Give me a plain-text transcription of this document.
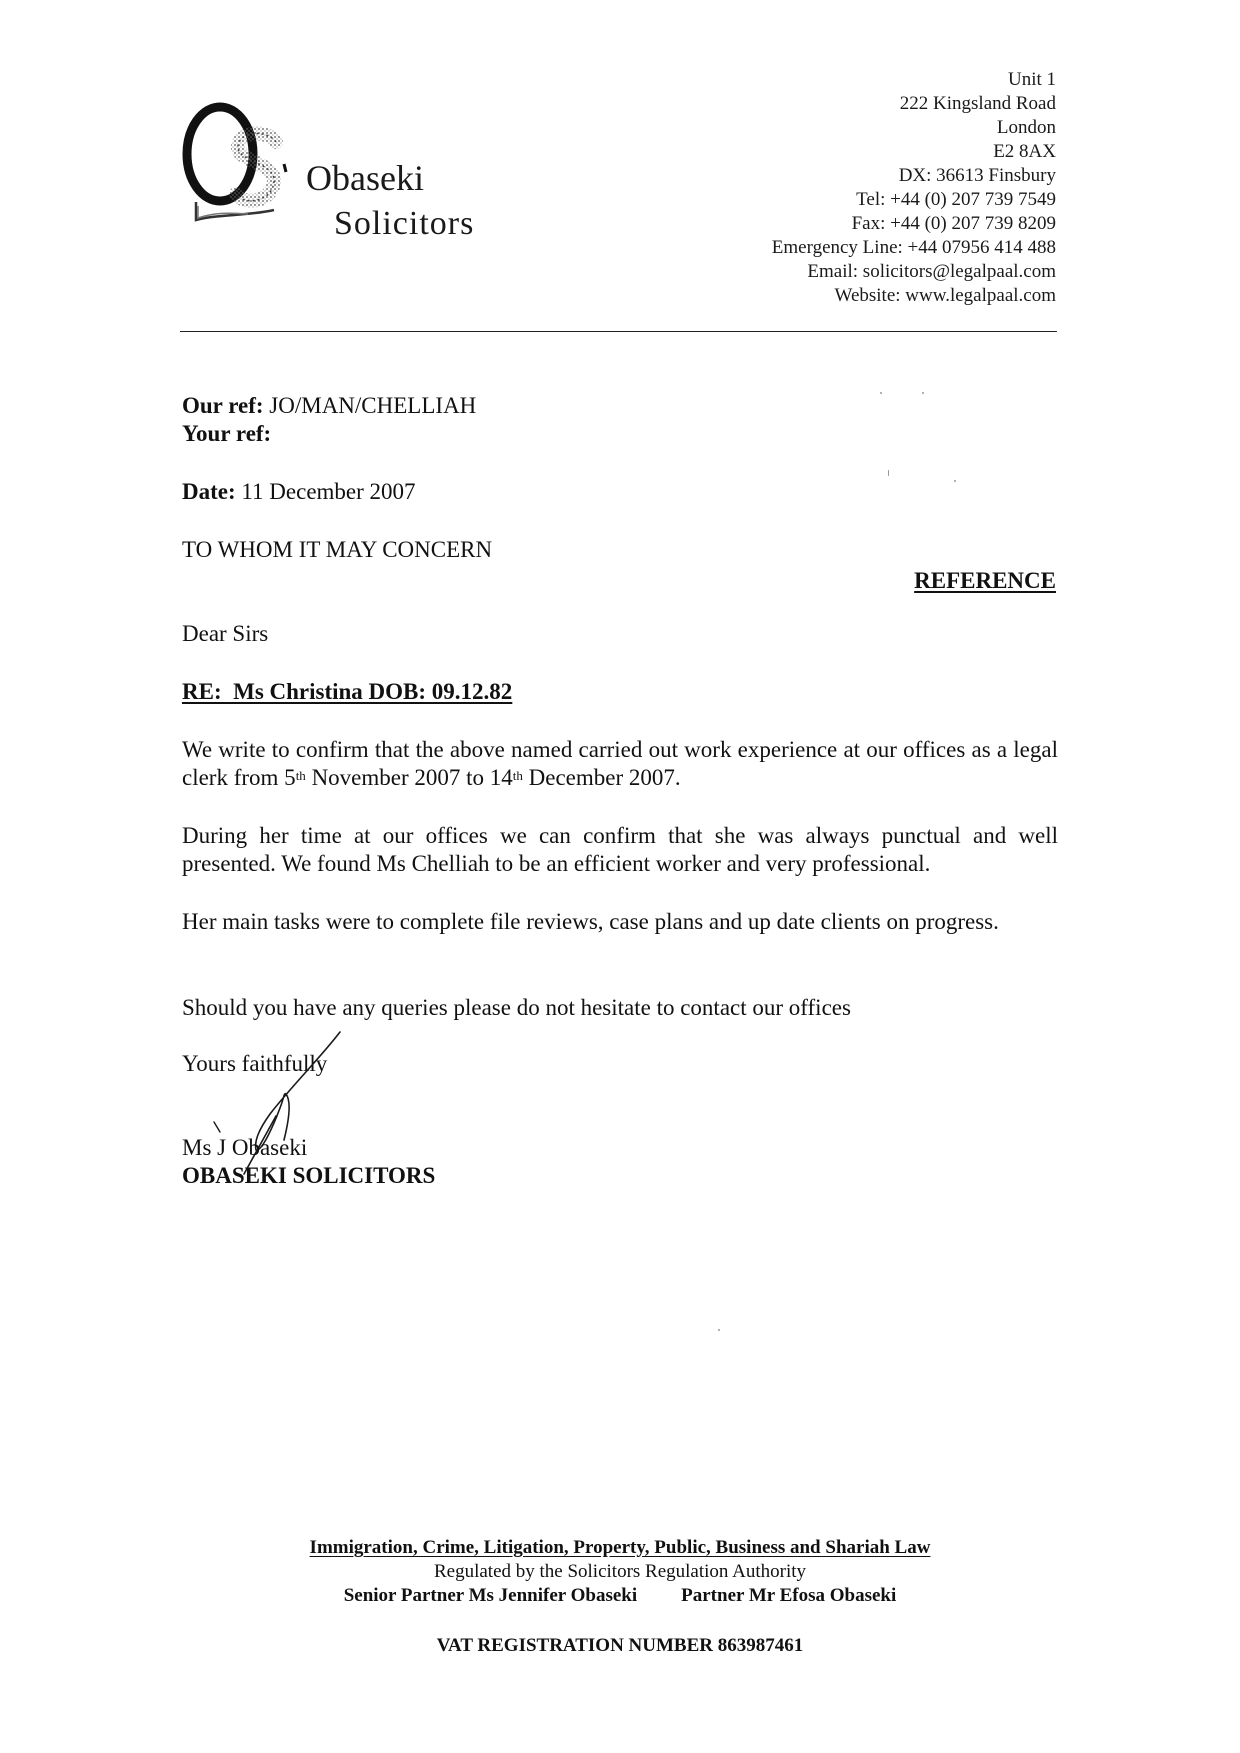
Obaseki
Solicitors
Unit 1
222 Kingsland Road
London
E2 8AX
DX: 36613 Finsbury
Tel: +44 (0) 207 739 7549
Fax: +44 (0) 207 739 8209
Emergency Line: +44 07956 414 488
Email: solicitors@legalpaal.com
Website: www.legalpaal.com
Our ref: JO/MAN/CHELLIAH
Your ref:
Date: 11 December 2007
TO WHOM IT MAY CONCERN
REFERENCE
Dear Sirs
RE:  Ms Christina DOB: 09.12.82
We write to confirm that the above named carried out work experience at our offices as a legal clerk from 5th November 2007 to 14th December 2007.
During her time at our offices we can confirm that she was always punctual and well presented. We found Ms Chelliah to be an efficient worker and very professional.
Her main tasks were to complete file reviews, case plans and up date clients on progress.
Should you have any queries please do not hesitate to contact our offices
Yours faithfully
Ms J Obaseki
OBASEKI SOLICITORS
Immigration, Crime, Litigation, Property, Public, Business and Shariah Law
Regulated by the Solicitors Regulation Authority
Senior Partner Ms Jennifer Obaseki Partner Mr Efosa Obaseki
VAT REGISTRATION NUMBER 863987461
